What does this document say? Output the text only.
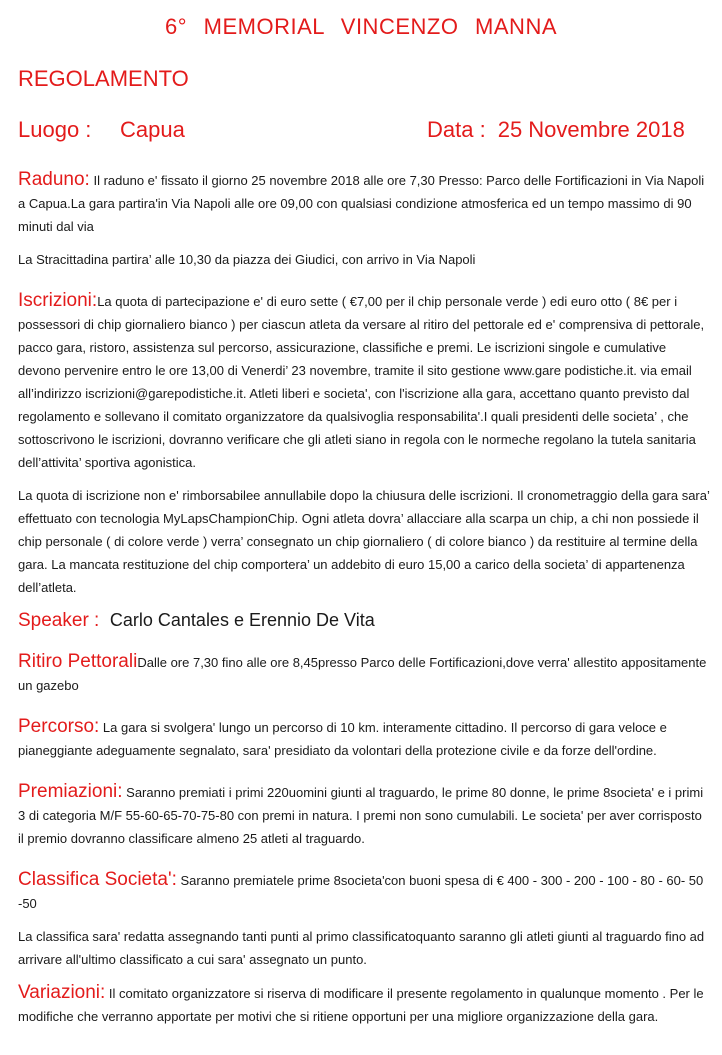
6° MEMORIAL VINCENZO MANNA
REGOLAMENTO
Luogo : Capua	Data : 25 Novembre 2018

Raduno: Il raduno e' fissato il giorno 25 novembre 2018 alle ore 7,30 Presso: Parco delle Fortificazioni in Via Napoli a Capua.La gara partira'in Via Napoli alle ore 09,00 con qualsiasi condizione atmosferica ed un tempo massimo di 90 minuti dal via

La Stracittadina partira’ alle 10,30 da piazza dei Giudici, con arrivo in Via Napoli

Iscrizioni:La quota di partecipazione e' di euro sette ( €7,00 per il chip personale verde ) edi euro otto ( 8€ per i possessori di chip giornaliero bianco ) per ciascun atleta da versare al ritiro del pettorale ed e' comprensiva di pettorale, pacco gara, ristoro, assistenza sul percorso, assicurazione, classifiche e premi. Le iscrizioni singole e cumulative devono pervenire entro le ore 13,00 di Venerdi’ 23 novembre, tramite il sito gestione www.gare podistiche.it. via email all’indirizzo iscrizioni@garepodistiche.it. Atleti liberi e societa', con l'iscrizione alla gara, accettano quanto previsto dal regolamento e sollevano il comitato organizzatore da qualsivoglia responsabilita'.I quali presidenti delle societa’ , che sottoscrivono le iscrizioni, dovranno verificare che gli atleti siano in regola con le normeche regolano la tutela sanitaria dell’attivita’ sportiva agonistica.

La quota di iscrizione non e' rimborsabilee annullabile dopo la chiusura delle iscrizioni. Il cronometraggio della gara sara’ effettuato con tecnologia MyLapsChampionChip. Ogni atleta dovra’ allacciare alla scarpa un chip, a chi non possiede il chip personale ( di colore verde ) verra’ consegnato un chip giornaliero ( di colore bianco ) da restituire al termine della gara. La mancata restituzione del chip comportera’ un addebito di euro 15,00 a carico della societa’ di appartenenza dell’atleta.

Speaker : Carlo Cantales e Erennio De Vita

Ritiro PettoraliDalle ore 7,30 fino alle ore 8,45presso Parco delle Fortificazioni,dove verra' allestito appositamente un gazebo

Percorso: La gara si svolgera' lungo un percorso di 10 km. interamente cittadino. Il percorso di gara veloce e pianeggiante adeguamente segnalato, sara' presidiato da volontari della protezione civile e da forze dell'ordine.

Premiazioni: Saranno premiati i primi 220uomini giunti al traguardo, le prime 80 donne, le prime 8societa' e i primi 3 di categoria M/F 55-60-65-70-75-80 con premi in natura. I premi non sono cumulabili. Le societa' per aver corrisposto il premio dovranno classificare almeno 25 atleti al traguardo.

Classifica Societa': Saranno premiatele prime 8societa'con buoni spesa di € 400 - 300 - 200 - 100 - 80 - 60- 50 -50

La classifica sara' redatta assegnando tanti punti al primo classificatoquanto saranno gli atleti giunti al traguardo fino ad arrivare all'ultimo classificato a cui sara' assegnato un punto.

Variazioni: Il comitato organizzatore si riserva di modificare il presente regolamento in qualunque momento . Per le modifiche che verranno apportate per motivi che si ritiene opportuni per una migliore organizzazione della gara.
